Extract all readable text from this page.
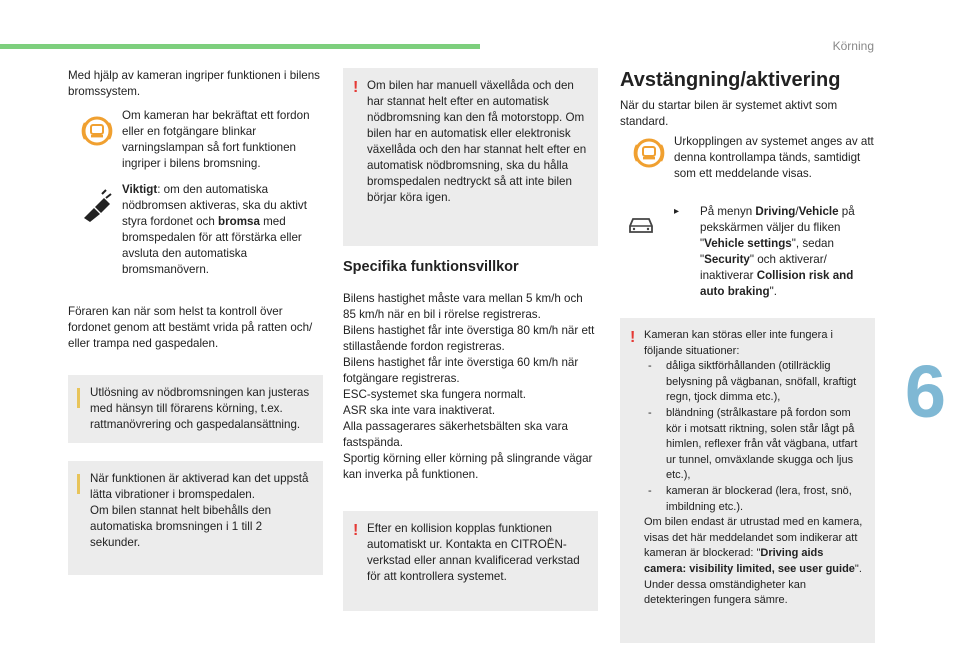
Körning
6

Med hjälp av kameran ingriper funktionen i bilens bromssystem.

Om kameran har bekräftat ett fordon eller en fotgängare blinkar varningslampan så fort funktionen ingriper i bilens bromsning.

Viktigt: om den automatiska nödbromsen aktiveras, ska du aktivt styra fordonet och bromsa med bromspedalen för att förstärka eller avsluta den automatiska bromsmanövern.

Föraren kan när som helst ta kontroll över fordonet genom att bestämt vrida på ratten och/ eller trampa ned gaspedalen.

Utlösning av nödbromsningen kan justeras med hänsyn till förarens körning, t.ex. rattmanövrering och gaspedalansättning.

När funktionen är aktiverad kan det uppstå lätta vibrationer i bromspedalen.

Om bilen stannat helt bibehålls den automatiska bromsningen i 1 till 2 sekunder.

! Om bilen har manuell växellåda och den har stannat helt efter en automatisk nödbromsning kan den få motorstopp. Om bilen har en automatisk eller elektronisk växellåda och den har stannat helt efter en automatisk nödbromsning, ska du hålla bromspedalen nedtryckt så att inte bilen börjar köra igen.

Specifika funktionsvillkor

Bilens hastighet måste vara mellan 5 km/h och 85 km/h när en bil i rörelse registreras.

Bilens hastighet får inte överstiga 80 km/h när ett stillastående fordon registreras.

Bilens hastighet får inte överstiga 60 km/h när fotgängare registreras.

ESC-systemet ska fungera normalt.

ASR ska inte vara inaktiverat.

Alla passagerares säkerhetsbälten ska vara fastspända.

Sportig körning eller körning på slingrande vägar kan inverka på funktionen.

! Efter en kollision kopplas funktionen automatiskt ur. Kontakta en CITROËN-verkstad eller annan kvalificerad verkstad för att kontrollera systemet.

Avstängning/aktivering

När du startar bilen är systemet aktivt som standard.

Urkopplingen av systemet anges av att denna kontrollampa tänds, samtidigt som ett meddelande visas.

▸ På menyn Driving/Vehicle på pekskärmen väljer du fliken "Vehicle settings", sedan "Security" och aktiverar/ inaktiverar Collision risk and auto braking".

! Kameran kan störas eller inte fungera i följande situationer:

- dåliga siktförhållanden (otillräcklig belysning på vägbanan, snöfall, kraftigt regn, tjock dimma etc.),

- bländning (strålkastare på fordon som kör i motsatt riktning, solen står lågt på himlen, reflexer från våt vägbana, utfart ur tunnel, omväxlande skugga och ljus etc.),

- kameran är blockerad (lera, frost, snö, imbildning etc.).

Om bilen endast är utrustad med en kamera, visas det här meddelandet som indikerar att kameran är blockerad: "Driving aids camera: visibility limited, see user guide".

Under dessa omständigheter kan detekteringen fungera sämre.
